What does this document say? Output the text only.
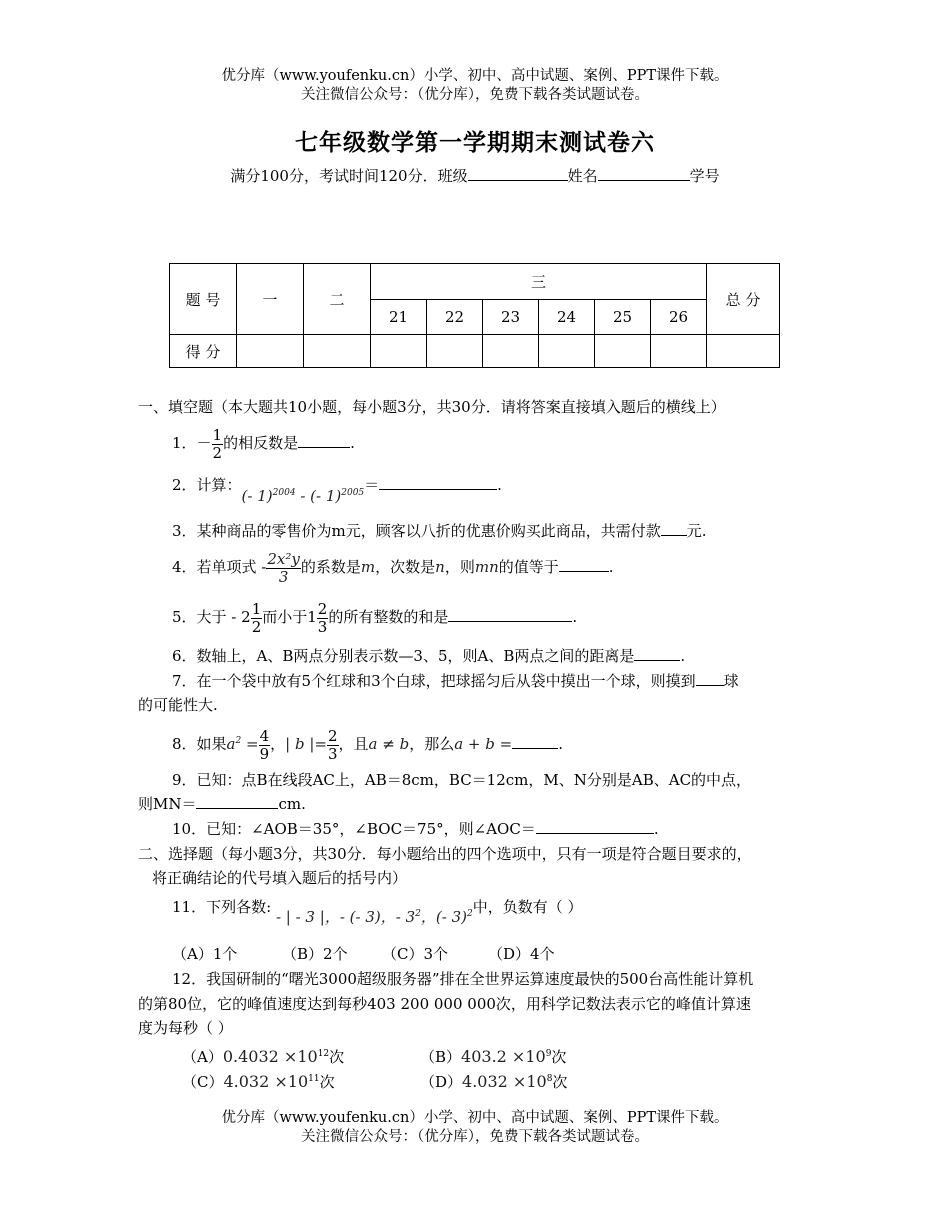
优分库（www.youfenku.cn）小学、初中、高中试题、案例、PPT课件下载。
关注微信公众号：（优分库），免费下载各类试题试卷。
七年级数学第一学期期末测试卷六
满分100分，考试时间120分．班级	姓名	学号
题 号	一	二	三						总 分
			21	22	23	24	25	26	
得 分									
一、填空题（本大题共10小题，每小题3分，共30分．请将答案直接填入题后的横线上）
1．－ $\frac{1}{2}$ 的相反数是	.
2．计算：(- 1)$^{2004}$ - (- 1)$^{2005}$＝	.
3．某种商品的零售价为m元，顾客以八折的优惠价购买此商品，共需付款 元.
4．若单项式 - $\frac{\text{2x²y}}{3}$ 的系数是m，次数是n，则mn的值等于	.
5．大于 - $2 \frac{1}{2}$ 而小于$1 \frac{2}{3}$ 的所有整数的和是	.
6．数轴上，A、B两点分别表示数—3、5，则A、B两点之间的距离是	.
7．在一个袋中放有5个红球和3个白球，把球摇匀后从袋中摸出一个球，则摸到 球
的可能性大.
8．如果$a^2 = \frac{4}{9}$ ，| b |= $\frac{2}{3}$ ，且a ≠ b，那么a + b =	.
9．已知：点B在线段AC上，AB＝8cm，BC＝12cm，M、N分别是AB、AC的中点，
则MN＝	cm.
10．已知：∠AOB＝35°，∠BOC＝75°，则∠AOC＝	.
二、选择题（每小题3分，共30分．每小题给出的四个选项中，只有一项是符合题目要求的，
将正确结论的代号填入题后的括号内）
11．下列各数: - | - 3 |，- (- 3)，- $3^2$，(- 3)$^2$中，负数有（ ）
（A）1个	（B）2个 （C）3个	（D）4个
12．我国研制的“曙光3000超级服务器”排在全世界运算速度最快的500台高性能计算机
的第80位，它的峰值速度达到每秒403 200 000 000次，用科学记数法表示它的峰值计算速
度为每秒（ ）
$(A)0.4032 \times 10^{12}$次	$(B)403.2 \times 10^9$次
$(C)4.032 \times 10^{11}$次	$(D)4.032 \times 10^8$次
优分库（www.youfenku.cn）小学、初中、高中试题、案例、PPT课件下载。
关注微信公众号：（优分库），免费下载各类试题试卷。
